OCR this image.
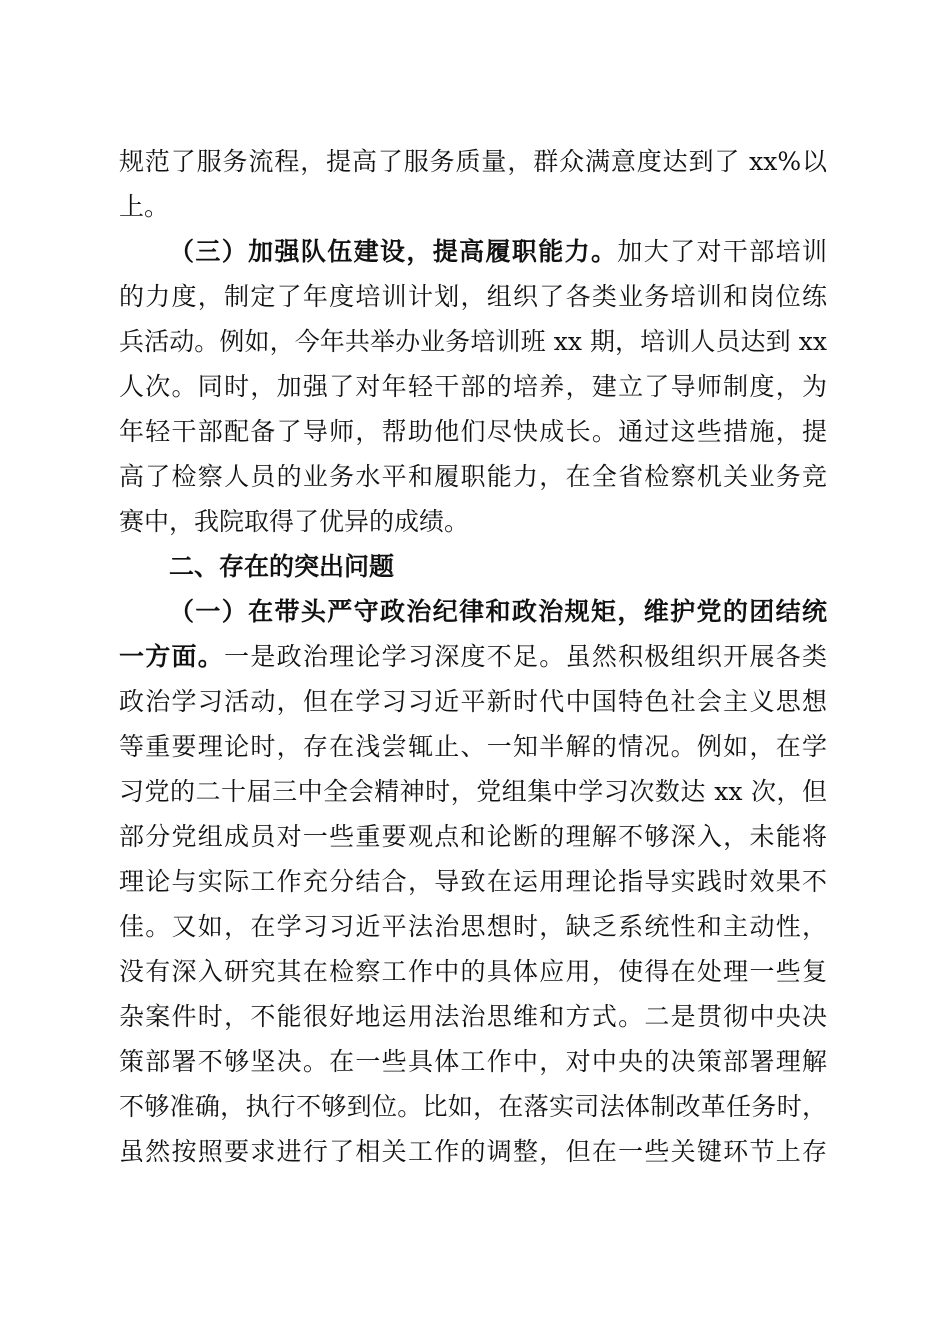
规范了服务流程，提高了服务质量，群众满意度达到了 xx%以
上。
（三）加强队伍建设，提高履职能力。加大了对干部培训
的力度，制定了年度培训计划，组织了各类业务培训和岗位练
兵活动。例如，今年共举办业务培训班 xx 期，培训人员达到 xx
人次。同时，加强了对年轻干部的培养，建立了导师制度，为
年轻干部配备了导师，帮助他们尽快成长。通过这些措施，提
高了检察人员的业务水平和履职能力，在全省检察机关业务竞
赛中，我院取得了优异的成绩。
二、存在的突出问题
（一）在带头严守政治纪律和政治规矩，维护党的团结统
一方面。一是政治理论学习深度不足。虽然积极组织开展各类
政治学习活动，但在学习习近平新时代中国特色社会主义思想
等重要理论时，存在浅尝辄止、一知半解的情况。例如，在学
习党的二十届三中全会精神时，党组集中学习次数达 xx 次，但
部分党组成员对一些重要观点和论断的理解不够深入，未能将
理论与实际工作充分结合，导致在运用理论指导实践时效果不
佳。又如，在学习习近平法治思想时，缺乏系统性和主动性，
没有深入研究其在检察工作中的具体应用，使得在处理一些复
杂案件时，不能很好地运用法治思维和方式。二是贯彻中央决
策部署不够坚决。在一些具体工作中，对中央的决策部署理解
不够准确，执行不够到位。比如，在落实司法体制改革任务时，
虽然按照要求进行了相关工作的调整，但在一些关键环节上存
